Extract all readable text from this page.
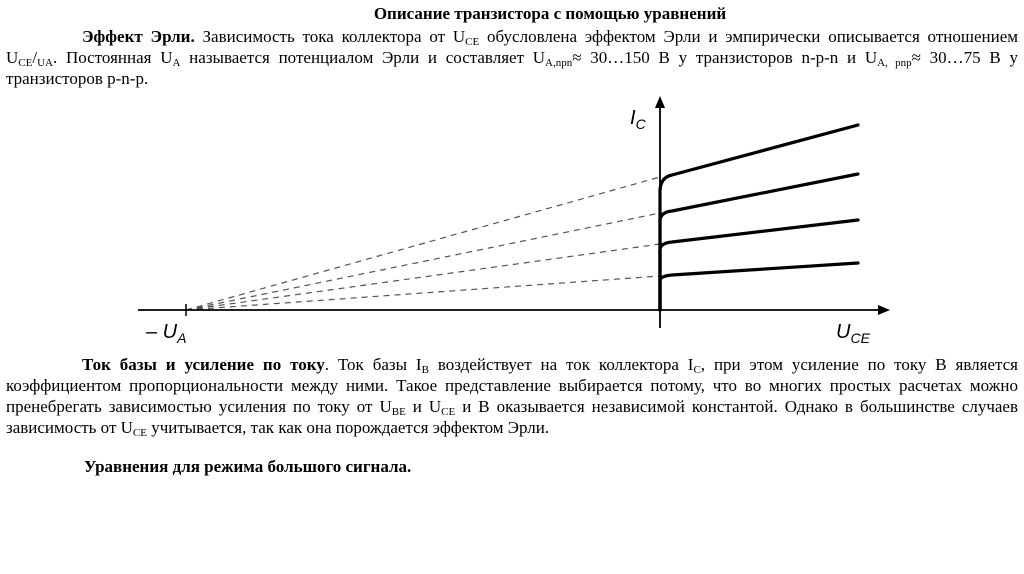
Описание транзистора с помощью уравнений
Эффект Эрли. Зависимость тока коллектора от $U_{CE}$ обусловлена эффектом Эрли и эмпирически описывается отношением $U_{CE}/_{UA}$. Постоянная $U_A$ называется потенциалом Эрли и составляет $U_{A,npn}\approx$ 30…150 В у транзисторов n-p-n и $U_{A, pnp}\approx$ 30…75 В у транзисторов p-n-p.
$I_C$
$U_{CE}$
– $U_A$
Ток базы и усиление по току. Ток базы $I_B$ воздействует на ток коллектора $I_C$, при этом усиление по току B является коэффициентом пропорциональности между ними. Такое представление выбирается потому, что во многих простых расчетах можно пренебрегать зависимостью усиления по току от $U_{BE}$ и $U_{CE}$ и B оказывается независимой константой. Однако в большинстве случаев зависимость от $U_{CE}$ учитывается, так как она порождается эффектом Эрли.
Уравнения для режима большого сигнала.
